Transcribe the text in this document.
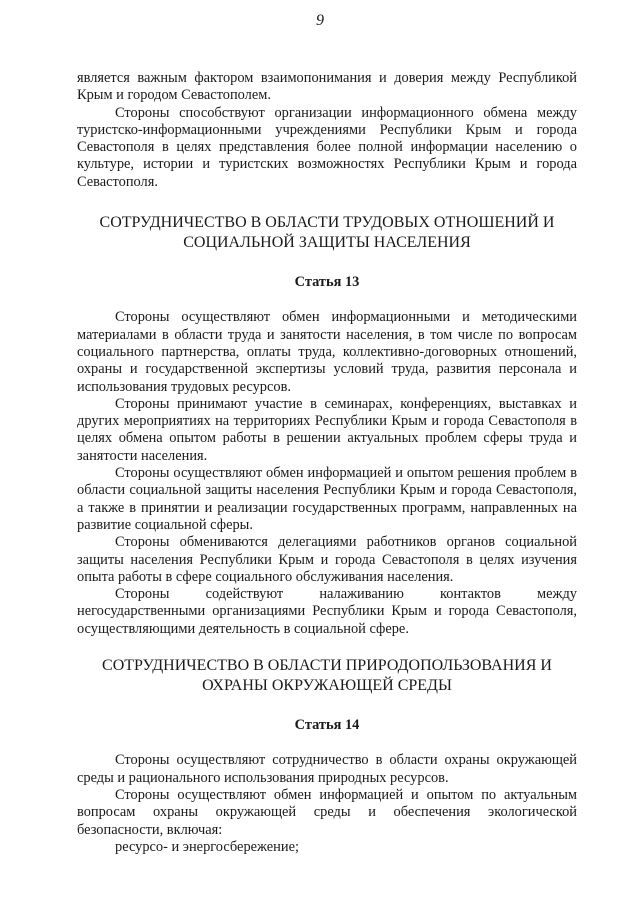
9

является важным фактором взаимопонимания и доверия между Республикой Крым и городом Севастополем.

Стороны способствуют организации информационного обмена между туристско-информационными учреждениями Республики Крым и города Севастополя в целях представления более полной информации населению о культуре, истории и туристских возможностях Республики Крым и города Севастополя.

СОТРУДНИЧЕСТВО В ОБЛАСТИ ТРУДОВЫХ ОТНОШЕНИЙ И
СОЦИАЛЬНОЙ ЗАЩИТЫ НАСЕЛЕНИЯ
Статья 13

Стороны осуществляют обмен информационными и методическими материалами в области труда и занятости населения, в том числе по вопросам социального партнерства, оплаты труда, коллективно-договорных отношений, охраны и государственной экспертизы условий труда, развития персонала и использования трудовых ресурсов.

Стороны принимают участие в семинарах, конференциях, выставках и других мероприятиях на территориях Республики Крым и города Севастополя в целях обмена опытом работы в решении актуальных проблем сферы труда и занятости населения.

Стороны осуществляют обмен информацией и опытом решения проблем в области социальной защиты населения Республики Крым и города Севастополя, а также в принятии и реализации государственных программ, направленных на развитие социальной сферы.

Стороны обмениваются делегациями работников органов социальной защиты населения Республики Крым и города Севастополя в целях изучения опыта работы в сфере социального обслуживания населения.

Стороны содействуют налаживанию контактов между негосударственными организациями Республики Крым и города Севастополя, осуществляющими деятельность в социальной сфере.

СОТРУДНИЧЕСТВО В ОБЛАСТИ ПРИРОДОПОЛЬЗОВАНИЯ И
ОХРАНЫ ОКРУЖАЮЩЕЙ СРЕДЫ
Статья 14

Стороны осуществляют сотрудничество в области охраны окружающей среды и рационального использования природных ресурсов.

Стороны осуществляют обмен информацией и опытом по актуальным вопросам охраны окружающей среды и обеспечения экологической безопасности, включая:

ресурсо- и энергосбережение;
